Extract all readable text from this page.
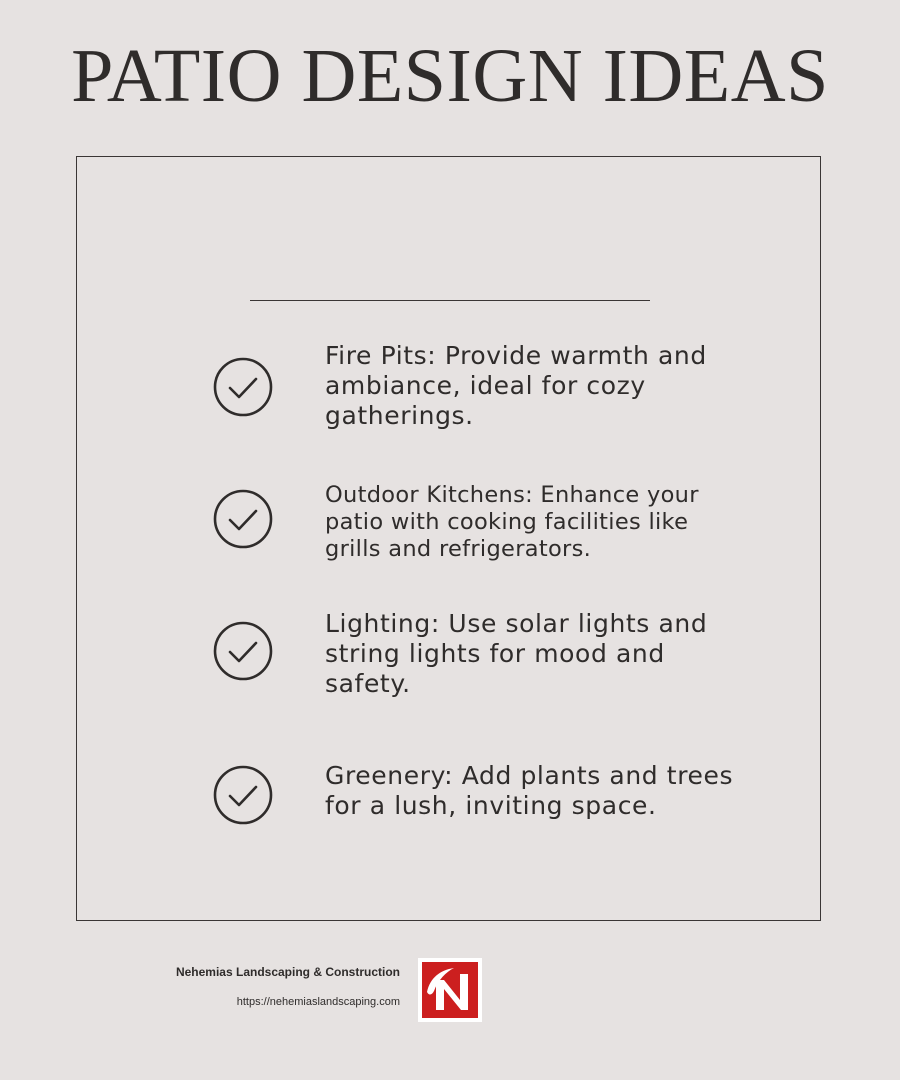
PATIO DESIGN IDEAS

Fire Pits: Provide warmth and ambiance, ideal for cozy gatherings.

Outdoor Kitchens: Enhance your patio with cooking facilities like grills and refrigerators.

Lighting: Use solar lights and string lights for mood and safety.

Greenery: Add plants and trees for a lush, inviting space.

Nehemias Landscaping & Construction
https://nehemiaslandscaping.com
